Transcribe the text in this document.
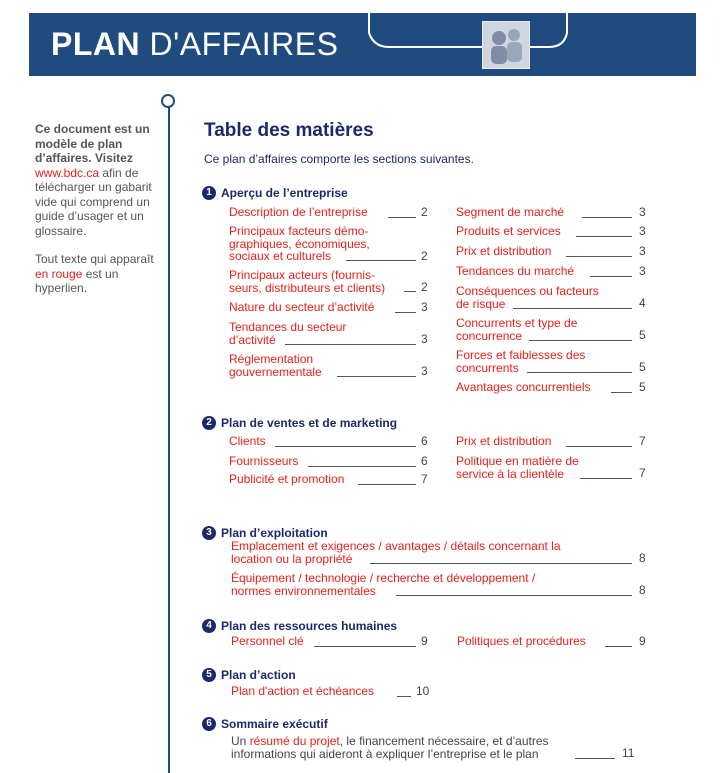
PLAN D'AFFAIRES
Ce document est un modèle de plan d’affaires. Visitez www.bdc.ca afin de télécharger un gabarit vide qui comprend un guide d’usager et un glossaire.
Tout texte qui apparaît en rouge est un hyperlien.
Table des matières
Ce plan d’affaires comporte les sections suivantes.
1 Aperçu de l’entreprise
2 Plan de ventes et de marketing
3 Plan d’exploitation
4 Plan des ressources humaines
5 Plan d’action
6 Sommaire exécutif
Description de l’entreprise	2
Principaux facteurs démo-
graphiques, économiques,
sociaux et culturels	2
Principaux acteurs (fournis-
seurs, distributeurs et clients)	2
Nature du secteur d’activité	3
Tendances du secteur
d’activité	3
Réglementation
gouvernementale	3
Segment de marché	3
Produits et services	3
Prix et distribution	3
Tendances du marché	3
Conséquences ou facteurs
de risque	4
Concurrents et type de
concurrence	5
Forces et faiblesses des
concurrents	5
Avantages concurrentiels	5
Clients	6
Fournisseurs	6
Publicité et promotion	7
Prix et distribution	7
Politique en matière de
service à la clientèle	7
Emplacement et exigences / avantages / détails concernant la
location ou la propriété	8
Équipement / technologie / recherche et développement /
normes environnementales	8
Personnel clé	9 Politiques et procédures	9
Plan d'action et échéances	10
Un résumé du projet, le financement nécessaire, et d’autres
informations qui aideront à expliquer l’entreprise et le plan	11
